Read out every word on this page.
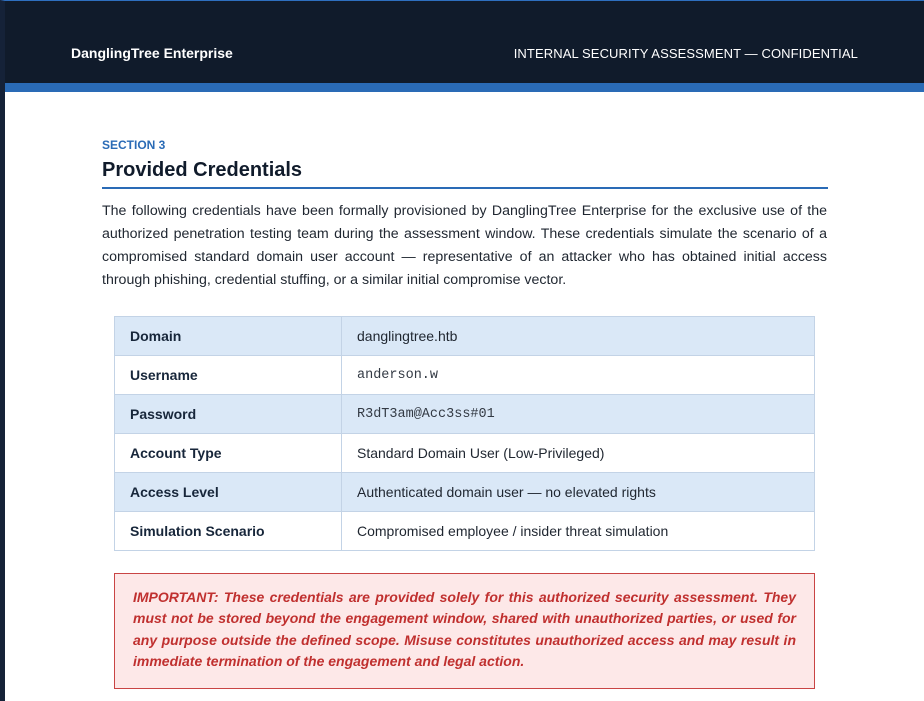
DanglingTree Enterprise	INTERNAL SECURITY ASSESSMENT — CONFIDENTIAL
SECTION 3
Provided Credentials

The following credentials have been formally provisioned by DanglingTree Enterprise for the exclusive use of the authorized penetration testing team during the assessment window. These credentials simulate the scenario of a compromised standard domain user account — representative of an attacker who has obtained initial access through phishing, credential stuffing, or a similar initial compromise vector.

Domain	danglingtree.htb
Username	anderson.w
Password	R3dT3am@Acc3ss#01
Account Type	Standard Domain User (Low-Privileged)
Access Level	Authenticated domain user — no elevated rights
Simulation Scenario	Compromised employee / insider threat simulation

IMPORTANT: These credentials are provided solely for this authorized security assessment. They must not be stored beyond the engagement window, shared with unauthorized parties, or used for any purpose outside the defined scope. Misuse constitutes unauthorized access and may result in immediate termination of the engagement and legal action.
